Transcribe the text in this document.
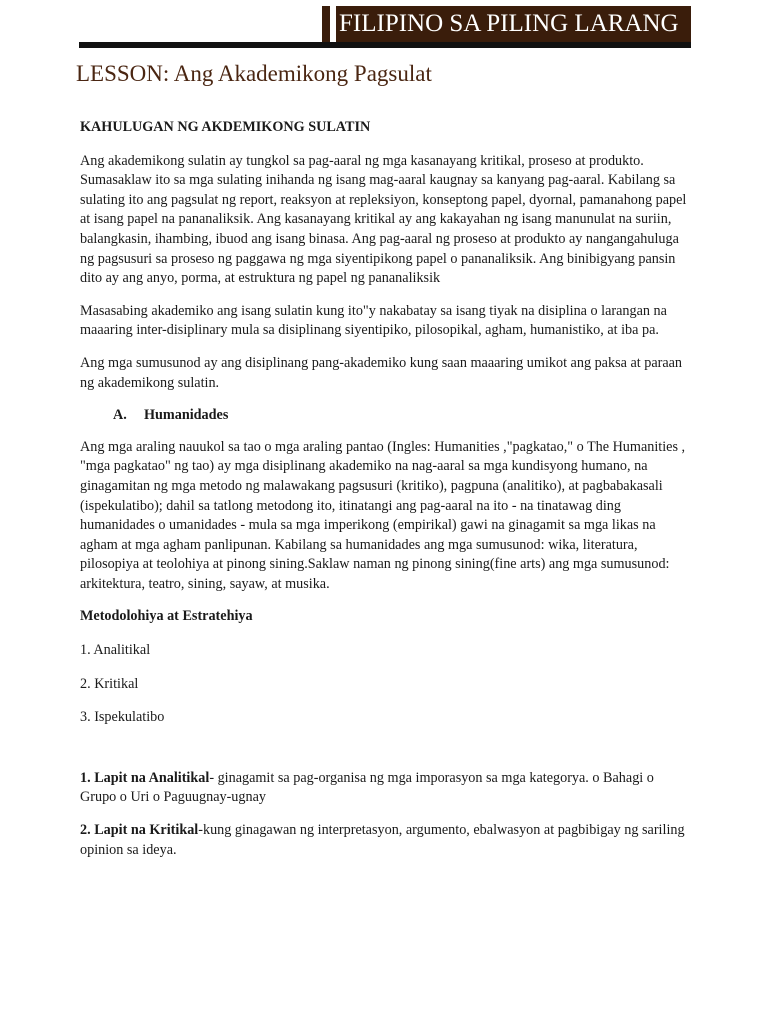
FILIPINO SA PILING LARANG
LESSON: Ang Akademikong Pagsulat
KAHULUGAN NG AKDEMIKONG SULATIN

Ang akademikong sulatin ay tungkol sa pag-aaral ng mga kasanayang kritikal, proseso at produkto. Sumasaklaw ito sa mga sulating inihanda ng isang mag-aaral kaugnay sa kanyang pag-aaral. Kabilang sa sulating ito ang pagsulat ng report, reaksyon at repleksiyon, konseptong papel, dyornal, pamanahong papel at isang papel na pananaliksik. Ang kasanayang kritikal ay ang kakayahan ng isang manunulat na suriin, balangkasin, ihambing, ibuod ang isang binasa. Ang pag-aaral ng proseso at produkto ay nangangahuluga ng pagsusuri sa proseso ng paggawa ng mga siyentipikong papel o pananaliksik. Ang binibigyang pansin dito ay ang anyo, porma, at estruktura ng papel ng pananaliksik

Masasabing akademiko ang isang sulatin kung ito"y nakabatay sa isang tiyak na disiplina o larangan na maaaring inter-disiplinary mula sa disiplinang siyentipiko, pilosopikal, agham, humanistiko, at iba pa.

Ang mga sumusunod ay ang disiplinang pang-akademiko kung saan maaaring umikot ang paksa at paraan ng akademikong sulatin.

A.	Humanidades

Ang mga araling nauukol sa tao o mga araling pantao (Ingles: Humanities ,"pagkatao," o The Humanities , "mga pagkatao" ng tao) ay mga disiplinang akademiko na nag-aaral sa mga kundisyong humano, na ginagamitan ng mga metodo ng malawakang pagsusuri (kritiko), pagpuna (analitiko), at pagbabakasali (ispekulatibo); dahil sa tatlong metodong ito, itinatangi ang pag-aaral na ito - na tinatawag ding humanidades o umanidades - mula sa mga imperikong (empirikal) gawi na ginagamit sa mga likas na agham at mga agham panlipunan. Kabilang sa humanidades ang mga sumusunod: wika, literatura, pilosopiya at teolohiya at pinong sining.Saklaw naman ng pinong sining(fine arts) ang mga sumusunod: arkitektura, teatro, sining, sayaw, at musika.

Metodolohiya at Estratehiya
1. Analitikal
2. Kritikal
3. Ispekulatibo

1. Lapit na Analitikal- ginagamit sa pag-organisa ng mga imporasyon sa mga kategorya. o Bahagi o Grupo o Uri o Paguugnay-ugnay

2. Lapit na Kritikal-kung ginagawan ng interpretasyon, argumento, ebalwasyon at pagbibigay ng sariling opinion sa ideya.
